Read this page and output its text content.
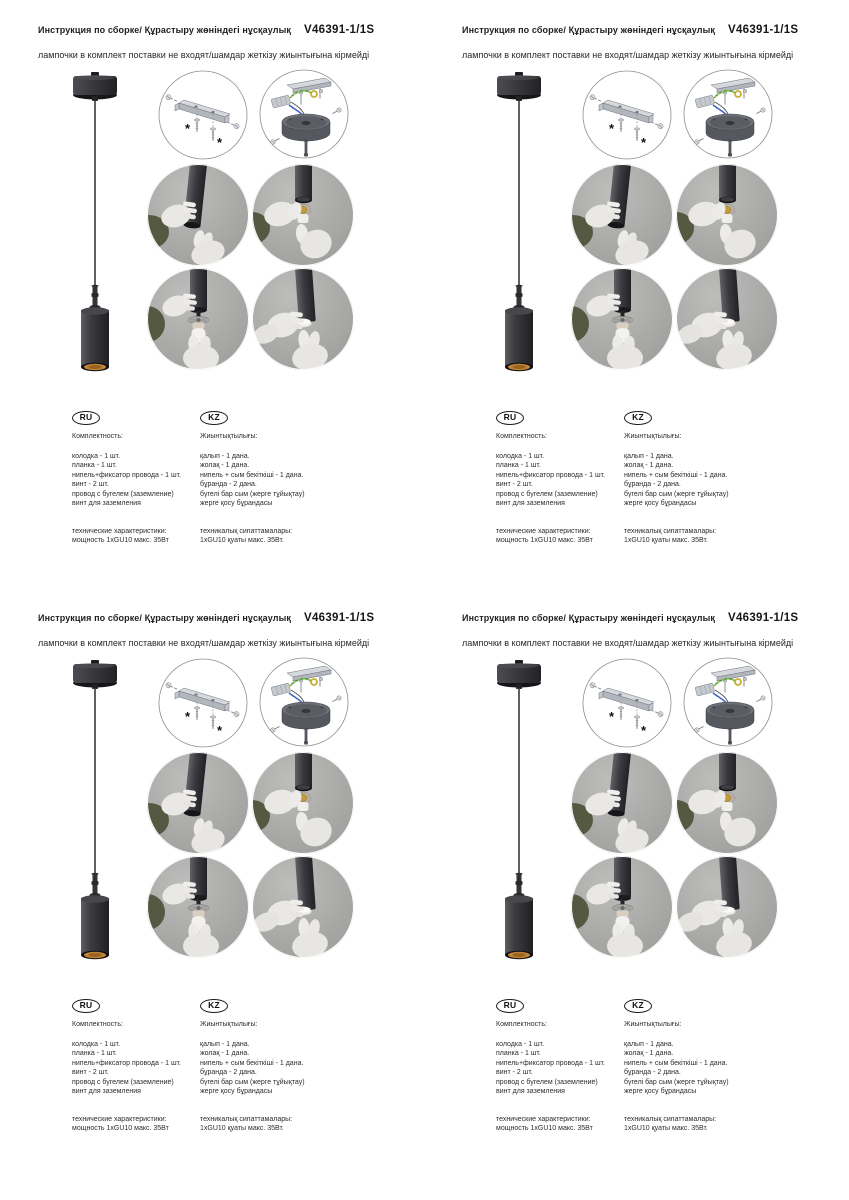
Инструкция по сборке/ Құрастыру жөніндегі нұсқаулық V46391-1/1S
лампочки в комплект поставки не входят/шамдар жеткізу жиынтығына кірмейді
*
*
RU
Комплектность:
колодка - 1 шт.
планка - 1 шт.
нипель+фиксатор провода - 1 шт.
винт - 2 шт.
провод с бугелем (заземление)
винт для заземления
технические характеристики:
мощность 1xGU10 макс. 35Вт
KZ
Жиынтықтылығы:
қалып - 1 дана.
жолақ - 1 дана.
нипель + сым бекіткіші - 1 дана.
бұранда - 2 дана.
бүгелі бар сым (жерге тұйықтау)
жерге қосу бұрандасы
техникалық сипаттамалары:
1xGU10 қуаты макс. 35Вт.
Инструкция по сборке/ Құрастыру жөніндегі нұсқаулық V46391-1/1S
лампочки в комплект поставки не входят/шамдар жеткізу жиынтығына кірмейді
*
*
RU
Комплектность:
колодка - 1 шт.
планка - 1 шт.
нипель+фиксатор провода - 1 шт.
винт - 2 шт.
провод с бугелем (заземление)
винт для заземления
технические характеристики:
мощность 1xGU10 макс. 35Вт
KZ
Жиынтықтылығы:
қалып - 1 дана.
жолақ - 1 дана.
нипель + сым бекіткіші - 1 дана.
бұранда - 2 дана.
бүгелі бар сым (жерге тұйықтау)
жерге қосу бұрандасы
техникалық сипаттамалары:
1xGU10 қуаты макс. 35Вт.
Инструкция по сборке/ Құрастыру жөніндегі нұсқаулық V46391-1/1S
лампочки в комплект поставки не входят/шамдар жеткізу жиынтығына кірмейді
*
*
RU
Комплектность:
колодка - 1 шт.
планка - 1 шт.
нипель+фиксатор провода - 1 шт.
винт - 2 шт.
провод с бугелем (заземление)
винт для заземления
технические характеристики:
мощность 1xGU10 макс. 35Вт
KZ
Жиынтықтылығы:
қалып - 1 дана.
жолақ - 1 дана.
нипель + сым бекіткіші - 1 дана.
бұранда - 2 дана.
бүгелі бар сым (жерге тұйықтау)
жерге қосу бұрандасы
техникалық сипаттамалары:
1xGU10 қуаты макс. 35Вт.
Инструкция по сборке/ Құрастыру жөніндегі нұсқаулық V46391-1/1S
лампочки в комплект поставки не входят/шамдар жеткізу жиынтығына кірмейді
*
*
RU
Комплектность:
колодка - 1 шт.
планка - 1 шт.
нипель+фиксатор провода - 1 шт.
винт - 2 шт.
провод с бугелем (заземление)
винт для заземления
технические характеристики:
мощность 1xGU10 макс. 35Вт
KZ
Жиынтықтылығы:
қалып - 1 дана.
жолақ - 1 дана.
нипель + сым бекіткіші - 1 дана.
бұранда - 2 дана.
бүгелі бар сым (жерге тұйықтау)
жерге қосу бұрандасы
техникалық сипаттамалары:
1xGU10 қуаты макс. 35Вт.
